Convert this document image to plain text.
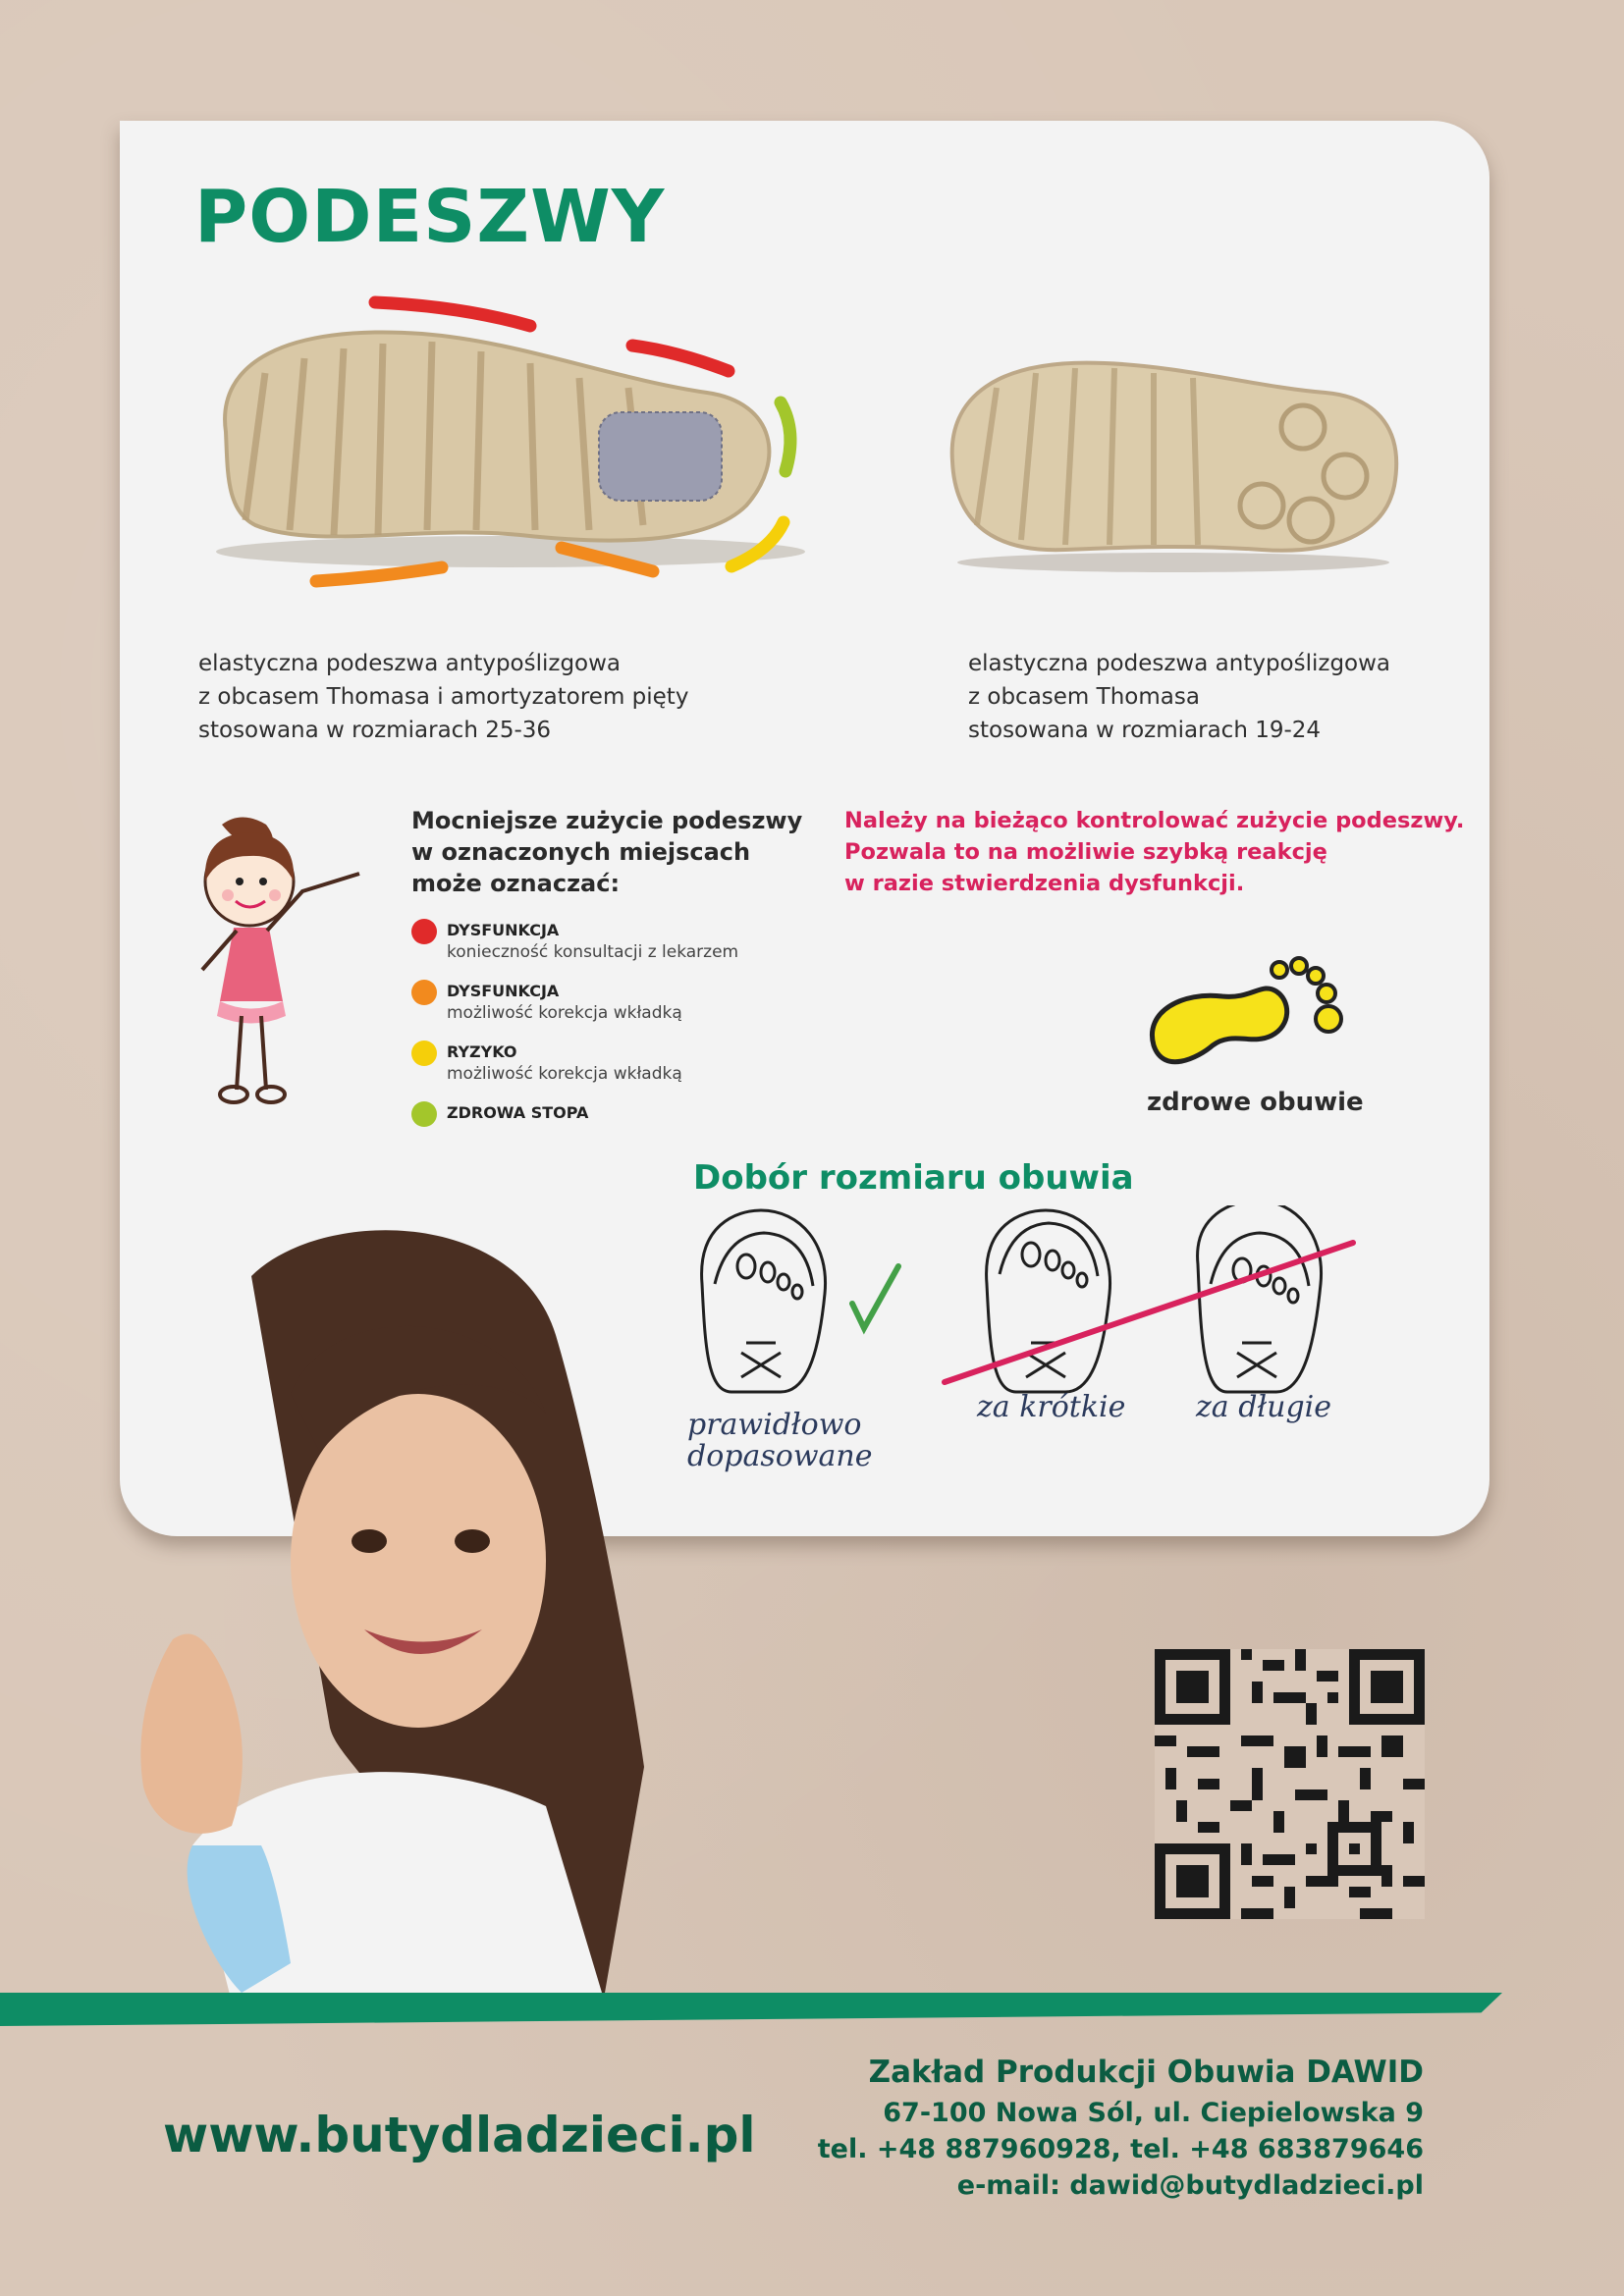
PODESZWY
elastyczna podeszwa antypoślizgowa
z obcasem Thomasa i amortyzatorem pięty
stosowana w rozmiarach 25-36
elastyczna podeszwa antypoślizgowa
z obcasem Thomasa
stosowana w rozmiarach 19-24
Mocniejsze zużycie podeszwy
w oznaczonych miejscach
może oznaczać:
DYSFUNKCJA
konieczność konsultacji z lekarzem
DYSFUNKCJA
możliwość korekcja wkładką
RYZYKO
możliwość korekcja wkładką
ZDROWA STOPA
Należy na bieżąco kontrolować zużycie podeszwy.
Pozwala to na możliwie szybką reakcję
w razie stwierdzenia dysfunkcji.
zdrowe obuwie
Dobór rozmiaru obuwia
prawidłowo
dopasowane
za krótkie za długie
www.butydladzieci.pl
Zakład Produkcji Obuwia DAWID
67-100 Nowa Sól, ul. Ciepielowska 9
tel. +48 887960928, tel. +48 683879646
e-mail: dawid@butydladzieci.pl
